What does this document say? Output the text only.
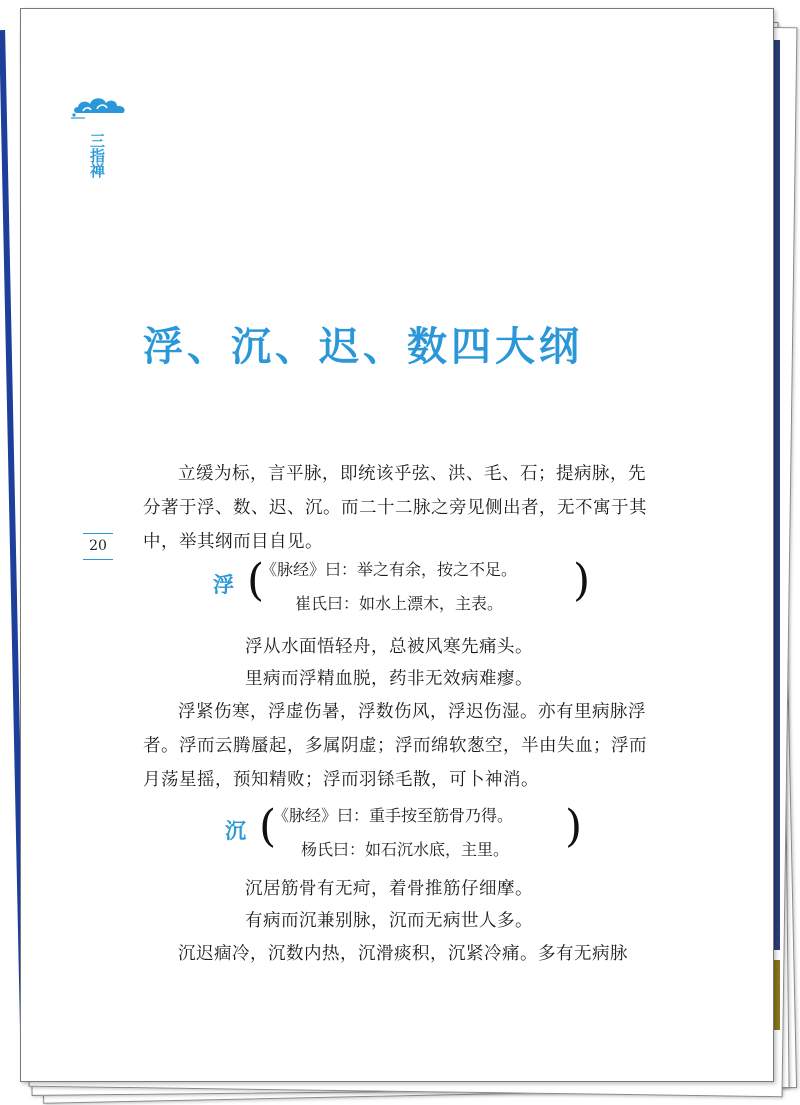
三指禅
20
浮、沉、迟、数四大纲
立缓为标，言平脉，即统该乎弦、洪、毛、石；提病脉，先分著于浮、数、迟、沉。而二十二脉之旁见侧出者，无不寓于其中，举其纲而目自见。
浮 (
《脉经》曰：举之有余，按之不足。
崔氏曰：如水上漂木，主表。 )
浮从水面悟轻舟，总被风寒先痛头。
里病而浮精血脱，药非无效病难瘳。
浮紧伤寒，浮虚伤暑，浮数伤风，浮迟伤湿。亦有里病脉浮者。浮而云腾蜃起，多属阴虚；浮而绵软葱空，半由失血；浮而月荡星摇，预知精败；浮而羽铩毛散，可卜神消。
沉 (
《脉经》曰：重手按至筋骨乃得。
杨氏曰：如石沉水底，主里。 )
沉居筋骨有无疴，着骨推筋仔细摩。
有病而沉兼别脉，沉而无病世人多。
沉迟痼冷，沉数内热，沉滑痰积，沉紧冷痛。多有无病脉
